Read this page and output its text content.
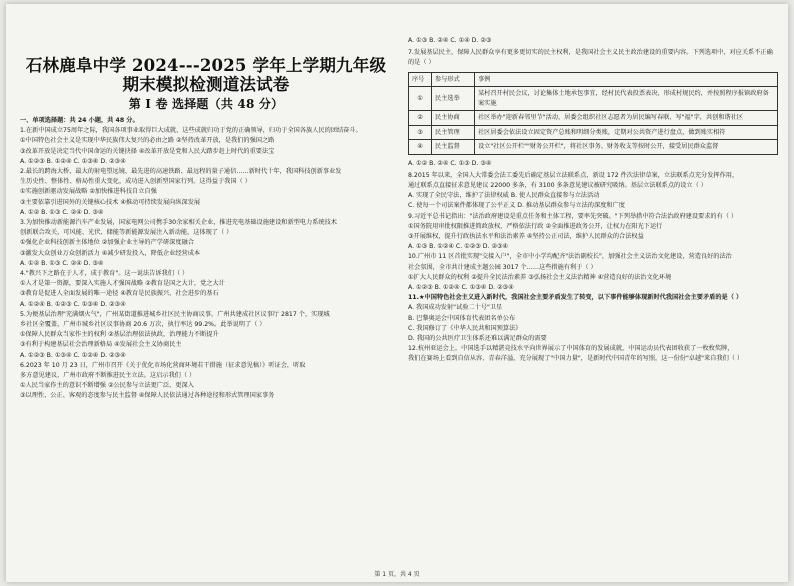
石林鹿阜中学 2024---2025 学年上学期九年级
期末模拟检测道法试卷
第 I 卷 选择题（共 48 分）
一、单项选择题：共 24 小题，共 48 分。
1.在新中国成立75周年之际，我国各项事业取得巨大成就，这些成就归功于党的正确领导，归功于全国各族人民的团结奋斗。
①中国特色社会主义是实现中华民族伟大复兴的必由之路 ②坚持改革开放，是我们的强国之路
③改革开放是决定当代中国命运的关键抉择 ④改革开放是党和人民大踏步赶上时代的重要法宝
A. ①②③ B. ①②④ C. ①③④ D. ②③④
2.最长的跨海大桥，最大的射电望远镜、最先进的高速铁路、最远程的量子通信……新时代十年，我国科技创新事业发
生历史性、整体性、格局性重大变化，成功进入创新型国家行列。这得益于我国（ ）
①实施创新驱动发展战略 ②加快推进科技自立自强
③主要依靠引进国外的关键核心技术 ④推动可持续发展向纵深发展
A. ①② B. ①③ C. ②④ D. ③④
3.为加快推动新能源汽车产业发展，国家电网公司携手30余家相关企业，推进充电基础设施建设和新型电力系统技术
创新联合攻关，可风能、光伏、储能等新能源发展注入新动能，这体现了（ ）
①强化企业科技创新主体地位 ②加强企业主导的产学研深度融合
③激发大众创业万众创新活力 ④减少研发投入，降低企业经营成本
A. ①② B. ①③ C. ②④ D. ③④
4."教兴下之路在于人才，成于教育"。这一说法告诉我们（ ）
①人才是第一资源，要深入实施人才强国战略 ②教育是国之大计，党之大计
③教育是促进人全面发展的唯一途径 ④教育是民族振兴、社会进步的基石
A. ①②④ B. ①②③ C. ①③④ D. ②③④
5.为便基层治理"充满烟火气"，广州某街道推进城乡社区民主协商议事，广州共建成社区议事厅 2817 个，实现城
乡社区全覆盖，广州市城乡社区议事协商 20.6 万次，执行率达 99.2%。此举说明了（ ）
①保障人民群众当家作主的权利 ②基层治理依法执政，治理能力不断提升
③有利于构建基层社会治理新格局 ④发展社会主义协商民主
A. ①②③ B. ①③④ C. ①②④ D. ②③④
6.2023 年 10 月 23 日，广州市召开《关于优化市场化营商环境若干措施（征求意见稿）》听证会，听取
多方意见建议，广州市政府不断推进民主立法。这启示我们（ ）
①人民当家作主的意识不断增强 ②公民参与立法更广泛、更深入
③以理性、公正、客观的态度参与民主监督 ④保障人民依法通过各种途径和形式管理国家事务
A. ①③ B. ②④ C. ①④ D. ②③
7.发展基层民主，保障人民群众享有更多更切实的民主权利，是我国社会主义民主政治建设的重要内容。下列选项中，对应关系不正确的是（ ）
序号	参与形式	事例
①	民主选举	某村召开村民会议，讨论集体土地承包事宜，经村民代表投票表决，形成村规民约，并按照程序报镇政府备案实施
②	民主协商	社区举办"迎新春邻里节"活动，居委会组织社区志愿者为居民编写春联、写"福"字，共创和谐社区
③	民主管理	社区居委会依法设立固定资产总账和明细分类账，定期对公共资产进行盘点，做到账实相符
④	民主监督	设立"社区公开栏""财务公开栏"，将社区事务、财务收支等按时公开，接受居民群众监督
A. ①② B. ②④ C. ①③ D. ③④
8.2015 年以来，全国人大常委会法工委先后确定基层立法联系点，新设 172 件次法律草案，立法联系点充分发挥作用，
通过联系点直接征求意见建议 22000 多条，有 3100 多条意见建议被研究吸纳。基层立法联系点的设立（ ）
A. 实现了全民守法，维护了法律权威 B. 使人民群众直接参与立法活动
C. 使每一个司法案件都体现了公平正义 D. 推动基层群众参与立法的深度和广度
9.习近平总书记指出："法治政府建设是重点任务和主体工程，要率先突破。"下列举措中符合法治政府建设要求的有（ ）
①国务院用审批权限推进简政放权，严格依法行政 ②全面推进政务公开，让权力在阳光下运行
③开展维权，提升行政执法水平和法治素养 ④坚持公正司法，维护人民群众的合法权益
A. ①③ B. ①②④ C. ①②③ D. ②③④
10.广州市 11 区首批实现"交接入户"，全市中小学均配齐"法治副校长"，加强社会主义法治文化建设，营造良好的法治
社会氛围，全市共计建成主题公园 3017 个……这些措施有利于（ ）
①扩大人民群众的权利 ②提升全民法治素养 ③弘扬社会主义法治精神 ④营造良好的法治文化环境
A. ①②③ B. ①②④ C. ①③④ D. ②③④
11.★中国特色社会主义进入新时代，我国社会主要矛盾发生了转变，以下事件能够体现新时代我国社会主要矛盾的是（ ）
A. 我国成功发射"试验二十号"卫星
B. 巴黎奥运会中国体育代表团名单公布
C. 我国修订了《中华人民共和国预算法》
D. 我国的公共医疗卫生体系还难以满足群众的需要
12.杭州亚运会上，中国选手以精湛竞技水平向世界展示了中国体育的发展成就，中国运动员代表团收获了一枚枚奖牌，
我们在赛场上看到自信从容、青春洋溢，充分展现了"中国力量"，是新时代中国青年的写照，这一份份"卓越"来自我们（ ）
第 1 页，共 4 页
